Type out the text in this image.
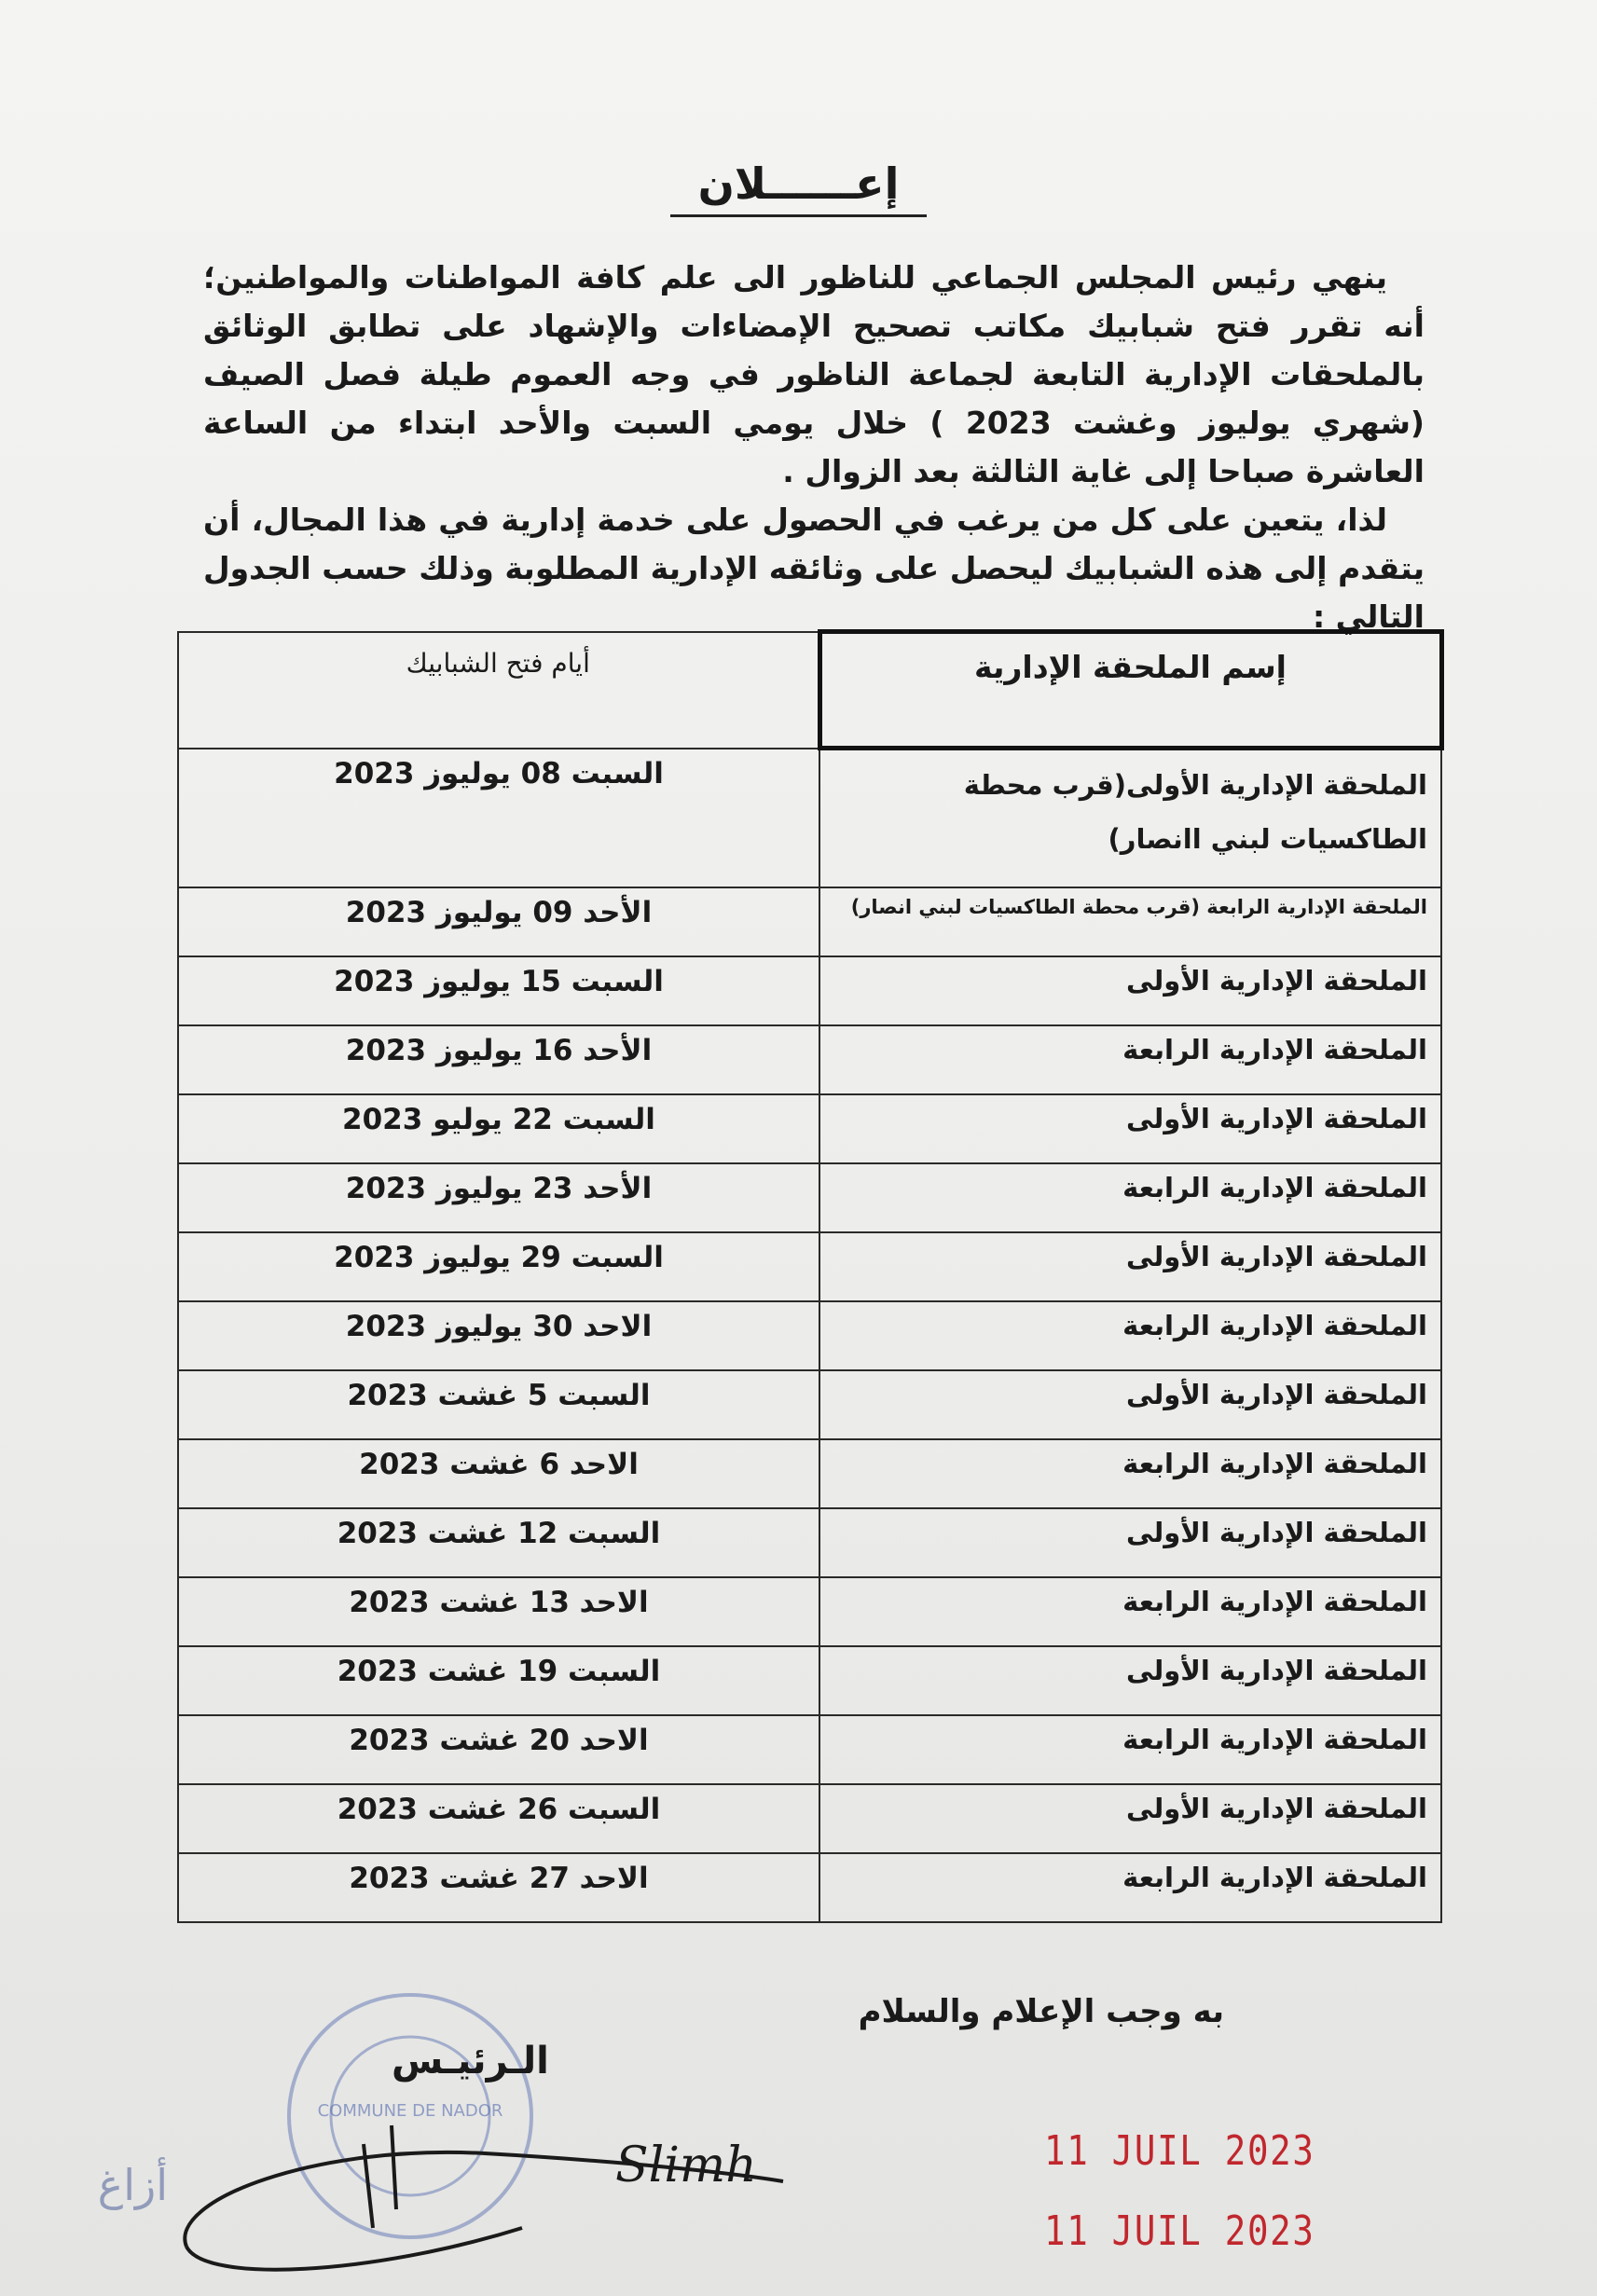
إعــــــلان
ينهي رئيس المجلس الجماعي للناظور الى علم كافة المواطنات والمواطنين؛ أنه تقرر فتح شبابيك مكاتب تصحيح الإمضاءات والإشهاد على تطابق الوثائق بالملحقات الإدارية التابعة لجماعة الناظور في وجه العموم طيلة فصل الصيف (شهري يوليوز وغشت 2023 ) خلال يومي السبت والأحد ابتداء من الساعة العاشرة صباحا إلى غاية الثالثة بعد الزوال .
لذا، يتعين على كل من يرغب في الحصول على خدمة إدارية في هذا المجال، أن يتقدم إلى هذه الشبابيك ليحصل على وثائقه الإدارية المطلوبة وذلك حسب الجدول التالي :
إسم الملحقة الإدارية	أيام فتح الشبابيك
الملحقة الإدارية الأولى(قرب محطة الطاكسيات لبني اانصار)	السبت 08 يوليوز 2023
الملحقة الإدارية الرابعة (قرب محطة الطاكسيات لبني انصار)	الأحد 09 يوليوز 2023
الملحقة الإدارية الأولى	السبت 15 يوليوز 2023
الملحقة الإدارية الرابعة	الأحد 16 يوليوز 2023
الملحقة الإدارية الأولى	السبت 22 يوليو 2023
الملحقة الإدارية الرابعة	الأحد 23 يوليوز 2023
الملحقة الإدارية الأولى	السبت 29 يوليوز 2023
الملحقة الإدارية الرابعة	الاحد 30 يوليوز 2023
الملحقة الإدارية الأولى	السبت 5 غشت 2023
الملحقة الإدارية الرابعة	الاحد 6 غشت 2023
الملحقة الإدارية الأولى	السبت 12 غشت 2023
الملحقة الإدارية الرابعة	الاحد 13 غشت 2023
الملحقة الإدارية الأولى	السبت 19 غشت 2023
الملحقة الإدارية الرابعة	الاحد 20 غشت 2023
الملحقة الإدارية الأولى	السبت 26 غشت 2023
الملحقة الإدارية الرابعة	الاحد 27 غشت 2023
به وجب الإعلام والسلام
COMMUNE DE NADOR
الـرئيـس
Slimh
أزاغ
11 JUIL 2023
11 JUIL 2023
